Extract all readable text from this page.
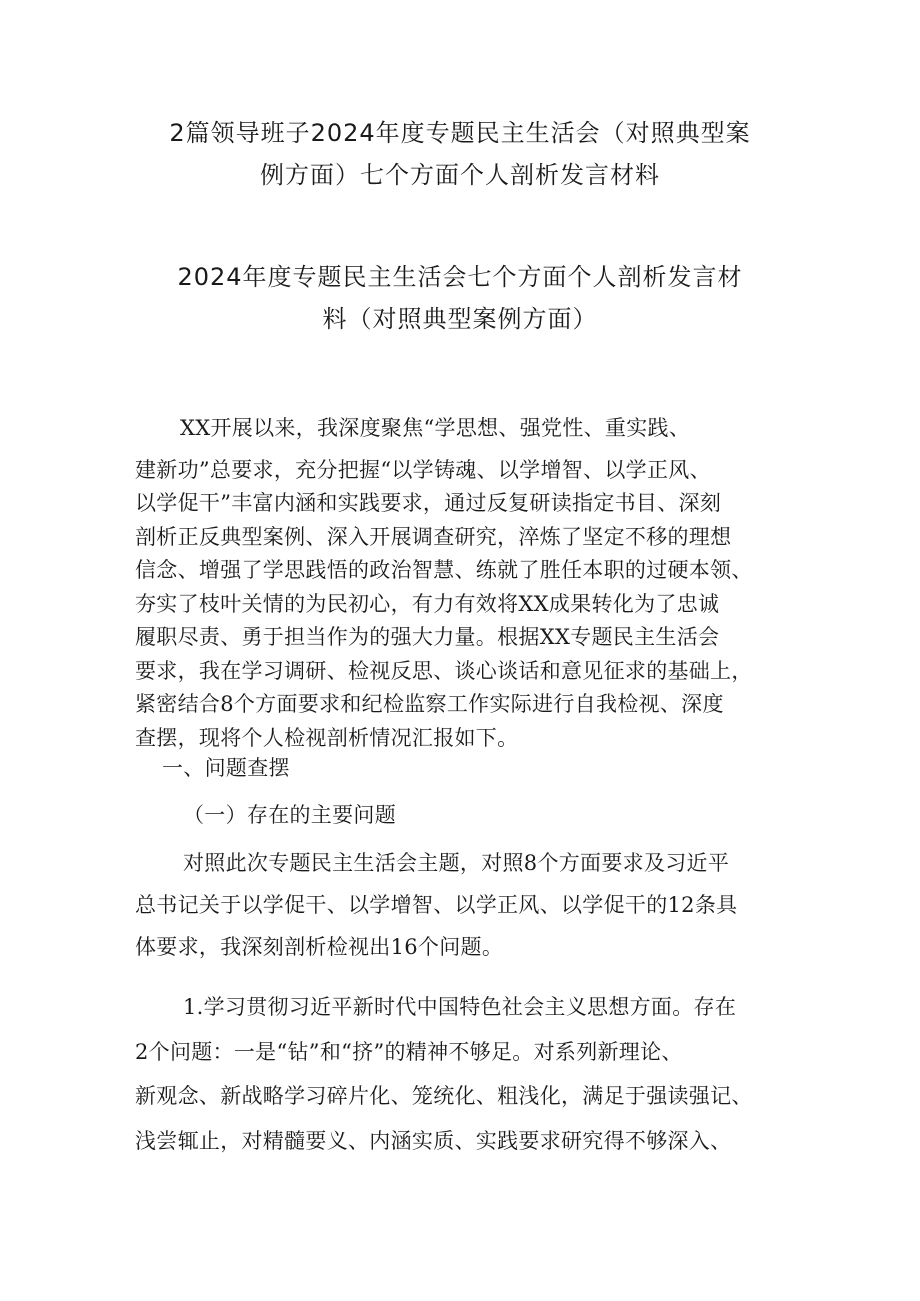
2篇领导班子2024年度专题民主生活会（对照典型案
例方面）七个方面个人剖析发言材料
2024年度专题民主生活会七个方面个人剖析发言材
料（对照典型案例方面）

XX开展以来，我深度聚焦“学思想、强党性、重实践、
建新功”总要求，充分把握“以学铸魂、以学增智、以学正风、
以学促干”丰富内涵和实践要求，通过反复研读指定书目、深刻
剖析正反典型案例、深入开展调查研究，淬炼了坚定不移的理想
信念、增强了学思践悟的政治智慧、练就了胜任本职的过硬本领、
夯实了枝叶关情的为民初心，有力有效将XX成果转化为了忠诚
履职尽责、勇于担当作为的强大力量。根据XX专题民主生活会
要求，我在学习调研、检视反思、谈心谈话和意见征求的基础上，
紧密结合8个方面要求和纪检监察工作实际进行自我检视、深度
查摆，现将个人检视剖析情况汇报如下。

一、问题查摆

（一）存在的主要问题

对照此次专题民主生活会主题，对照8个方面要求及习近平
总书记关于以学促干、以学增智、以学正风、以学促干的12条具
体要求，我深刻剖析检视出16个问题。

1.学习贯彻习近平新时代中国特色社会主义思想方面。存在
2个问题：一是“钻”和“挤”的精神不够足。对系列新理论、
新观念、新战略学习碎片化、笼统化、粗浅化，满足于强读强记、
浅尝辄止，对精髓要义、内涵实质、实践要求研究得不够深入、
